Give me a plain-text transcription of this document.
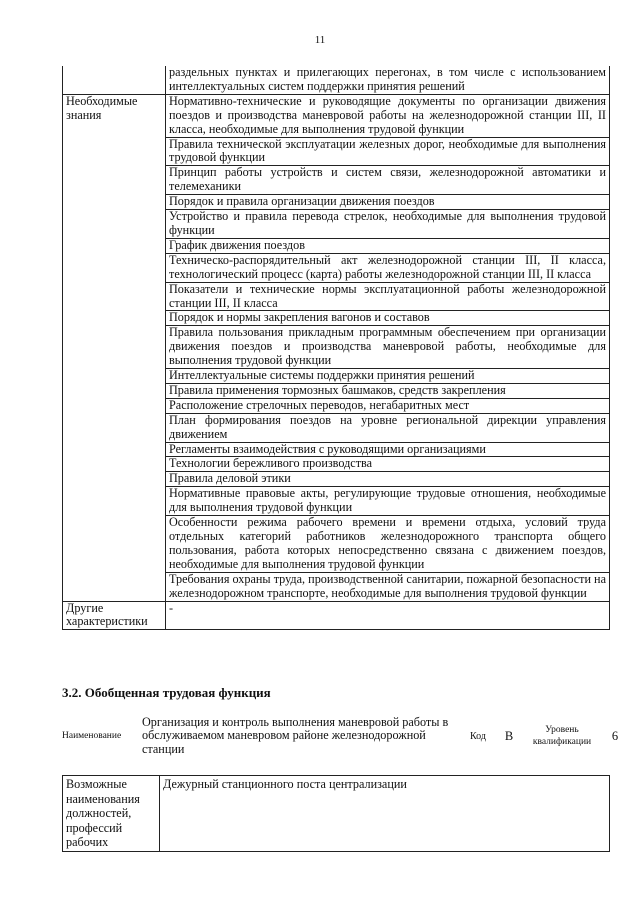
11
	раздельных пунктах и прилегающих перегонах, в том числе с использованием интеллектуальных систем поддержки принятия решений
Необходимые знания	Нормативно-технические и руководящие документы по организации движения поездов и производства маневровой работы на железнодорожной станции III, II класса, необходимые для выполнения трудовой функции
	Правила технической эксплуатации железных дорог, необходимые для выполнения трудовой функции
	Принцип работы устройств и систем связи, железнодорожной автоматики и телемеханики
	Порядок и правила организации движения поездов
	Устройство и правила перевода стрелок, необходимые для выполнения трудовой функции
	График движения поездов
	Техническо-распорядительный акт железнодорожной станции III, II класса, технологический процесс (карта) работы железнодорожной станции III, II класса
	Показатели и технические нормы эксплуатационной работы железнодорожной станции III, II класса
	Порядок и нормы закрепления вагонов и составов
	Правила пользования прикладным программным обеспечением при организации движения поездов и производства маневровой работы, необходимые для выполнения трудовой функции
	Интеллектуальные системы поддержки принятия решений
	Правила применения тормозных башмаков, средств закрепления
	Расположение стрелочных переводов, негабаритных мест
	План формирования поездов на уровне региональной дирекции управления движением
	Регламенты взаимодействия с руководящими организациями
	Технологии бережливого производства
	Правила деловой этики
	Нормативные правовые акты, регулирующие трудовые отношения, необходимые для выполнения трудовой функции
	Особенности режима рабочего времени и времени отдыха, условий труда отдельных категорий работников железнодорожного транспорта общего пользования, работа которых непосредственно связана с движением поездов, необходимые для выполнения трудовой функции
	Требования охраны труда, производственной санитарии, пожарной безопасности на железнодорожном транспорте, необходимые для выполнения трудовой функции
Другие характеристики	-
3.2. Обобщенная трудовая функция
Наименование	Организация и контроль выполнения маневровой работы в обслуживаемом маневровом районе железнодорожной станции	Код	B	Уровень квалификации	6
Возможные наименования должностей, профессий рабочих	Дежурный станционного поста централизации
